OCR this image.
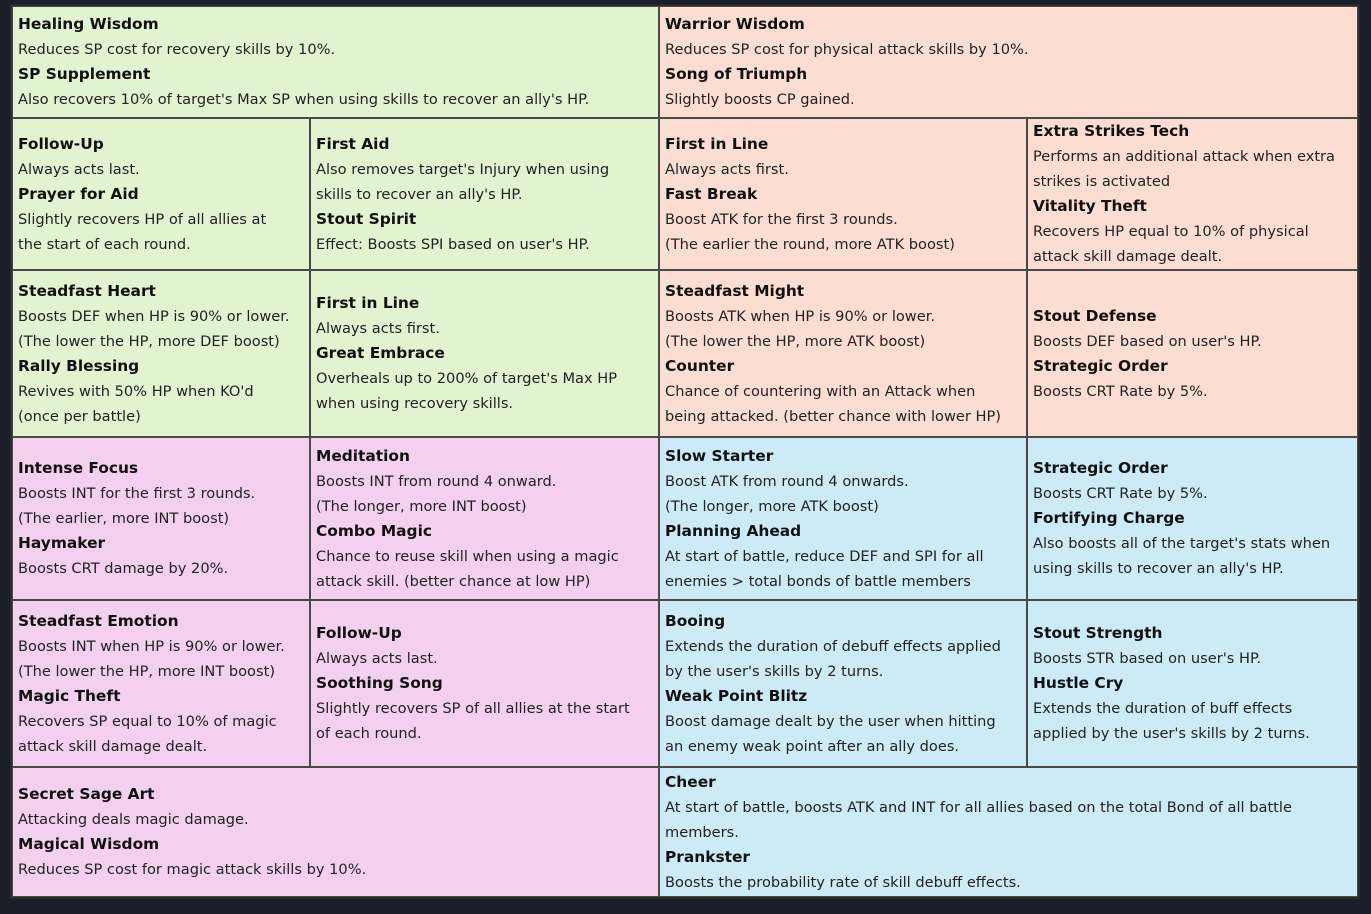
Healing Wisdom
Reduces SP cost for recovery skills by 10%.
SP Supplement
Also recovers 10% of target's Max SP when using skills to recover an ally's HP.
Warrior Wisdom
Reduces SP cost for physical attack skills by 10%.
Song of Triumph
Slightly boosts CP gained.
Follow-Up
Always acts last.
Prayer for Aid
Slightly recovers HP of all allies at
the start of each round.
First Aid
Also removes target's Injury when using
skills to recover an ally's HP.
Stout Spirit
Effect: Boosts SPI based on user's HP.
First in Line
Always acts first.
Fast Break
Boost ATK for the first 3 rounds.
(The earlier the round, more ATK boost)
Extra Strikes Tech
Performs an additional attack when extra
strikes is activated
Vitality Theft
Recovers HP equal to 10% of physical
attack skill damage dealt.
Steadfast Heart
Boosts DEF when HP is 90% or lower.
(The lower the HP, more DEF boost)
Rally Blessing
Revives with 50% HP when KO'd
(once per battle)
First in Line
Always acts first.
Great Embrace
Overheals up to 200% of target's Max HP
when using recovery skills.
Steadfast Might
Boosts ATK when HP is 90% or lower.
(The lower the HP, more ATK boost)
Counter
Chance of countering with an Attack when
being attacked. (better chance with lower HP)
Stout Defense
Boosts DEF based on user's HP.
Strategic Order
Boosts CRT Rate by 5%.
Intense Focus
Boosts INT for the first 3 rounds.
(The earlier, more INT boost)
Haymaker
Boosts CRT damage by 20%.
Meditation
Boosts INT from round 4 onward.
(The longer, more INT boost)
Combo Magic
Chance to reuse skill when using a magic
attack skill. (better chance at low HP)
Slow Starter
Boost ATK from round 4 onwards.
(The longer, more ATK boost)
Planning Ahead
At start of battle, reduce DEF and SPI for all
enemies > total bonds of battle members
Strategic Order
Boosts CRT Rate by 5%.
Fortifying Charge
Also boosts all of the target's stats when
using skills to recover an ally's HP.
Steadfast Emotion
Boosts INT when HP is 90% or lower.
(The lower the HP, more INT boost)
Magic Theft
Recovers SP equal to 10% of magic
attack skill damage dealt.
Follow-Up
Always acts last.
Soothing Song
Slightly recovers SP of all allies at the start
of each round.
Booing
Extends the duration of debuff effects applied
by the user's skills by 2 turns.
Weak Point Blitz
Boost damage dealt by the user when hitting
an enemy weak point after an ally does.
Stout Strength
Boosts STR based on user's HP.
Hustle Cry
Extends the duration of buff effects
applied by the user's skills by 2 turns.
Secret Sage Art
Attacking deals magic damage.
Magical Wisdom
Reduces SP cost for magic attack skills by 10%.
Cheer
At start of battle, boosts ATK and INT for all allies based on the total Bond of all battle
members.
Prankster
Boosts the probability rate of skill debuff effects.
